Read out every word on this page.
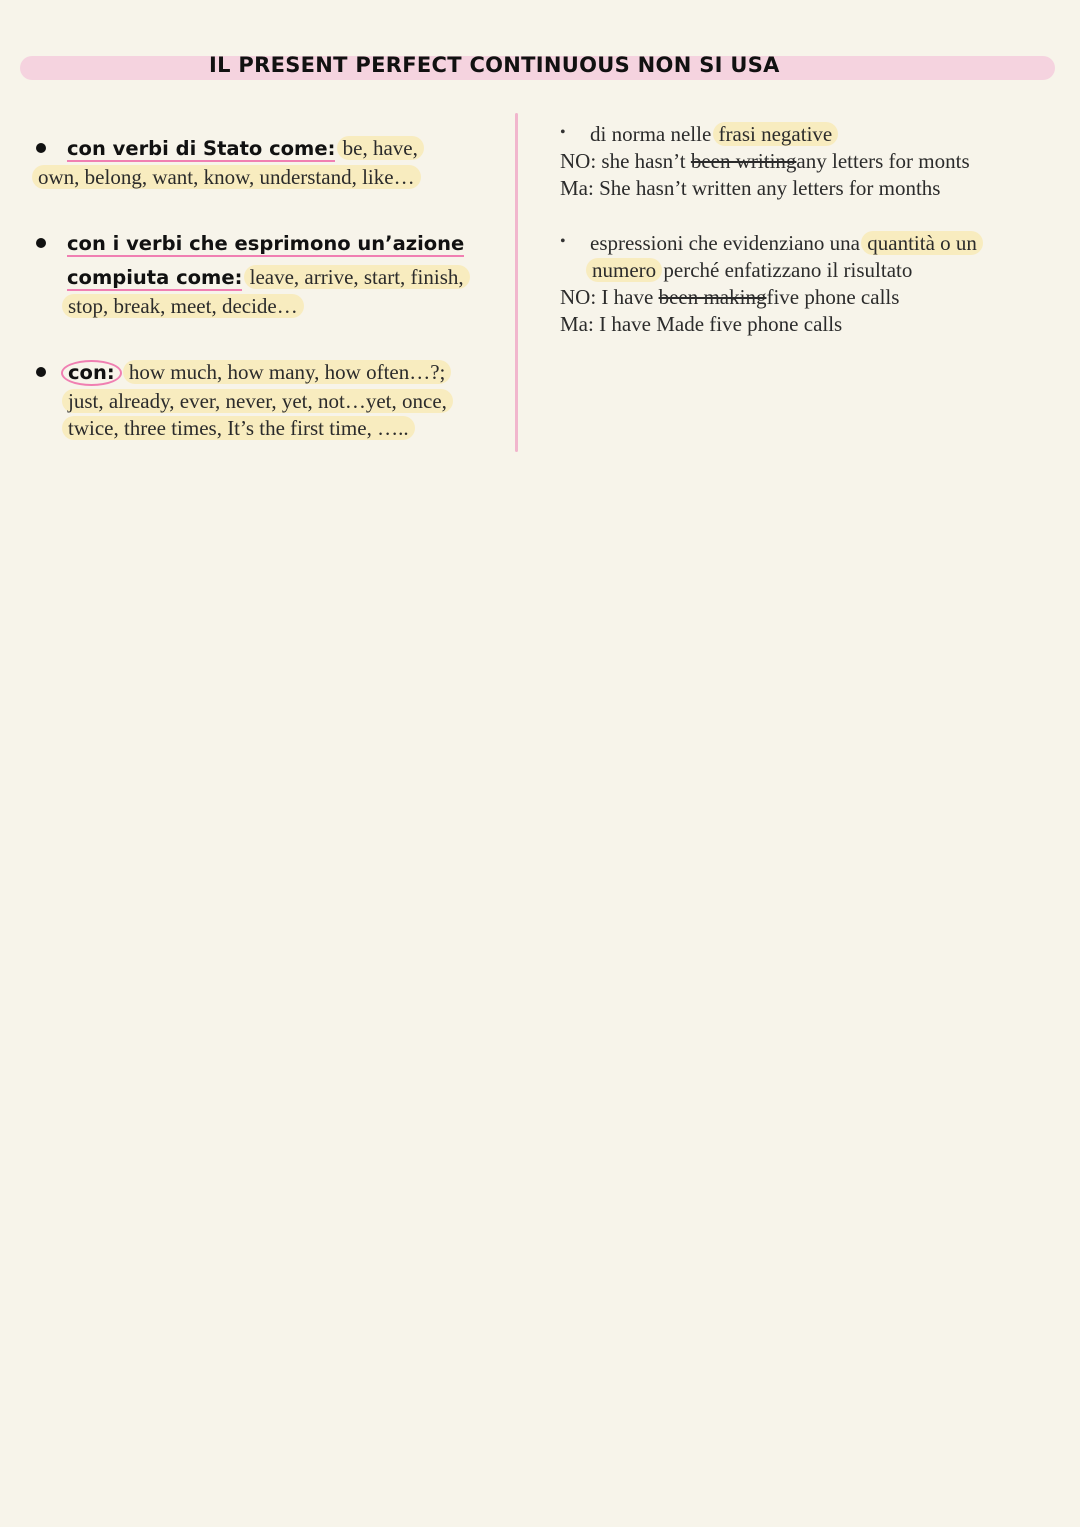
IL PRESENT PERFECT CONTINUOUS NON SI USA
con verbi di Stato come: be, have,
own, belong, want, know, understand, like…
con i verbi che esprimono un’azione
compiuta come: leave, arrive, start, finish,
stop, break, meet, decide…
con: how much, how many, how often…?;
just, already, ever, never, yet, not…yet, once,
twice, three times, It’s the first time, …..
• di norma nelle frasi negative
NO: she hasn’t been writingany letters for monts
Ma: She hasn’t written any letters for months
• espressioni che evidenziano una quantità o un
numero perché enfatizzano il risultato
NO: I have been makingfive phone calls
Ma: I have Made five phone calls
